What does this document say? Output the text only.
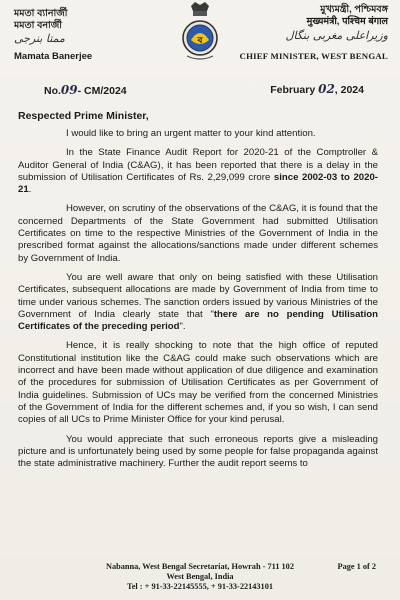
মমতা ব্যানার্জী
মমতা বনার্জী
ممتا بنرجی
Mamata Banerjee
ব
মুখ্যমন্ত্রী, পশ্চিমবঙ্গ
मुख्यमंत्री, पश्चिम बंगाल
وزیراعلی مغربی بنگال
CHIEF MINISTER, WEST BENGAL
No.09- CM/2024	February 02, 2024
Respected Prime Minister,

I would like to bring an urgent matter to your kind attention.

In the State Finance Audit Report for 2020-21 of the Comptroller & Auditor General of India (C&AG), it has been reported that there is a delay in the submission of Utilisation Certificates of Rs. 2,29,099 crore since 2002-03 to 2020-21.

However, on scrutiny of the observations of the C&AG, it is found that the concerned Departments of the State Government had submitted Utilisation Certificates on time to the respective Ministries of the Government of India in the prescribed format against the allocations/sanctions made under different schemes by Government of India.

You are well aware that only on being satisfied with these Utilisation Certificates, subsequent allocations are made by Government of India from time to time under various schemes. The sanction orders issued by various Ministries of the Government of India clearly state that "there are no pending Utilisation Certificates of the preceding period".

Hence, it is really shocking to note that the high office of reputed Constitutional institution like the C&AG could make such observations which are incorrect and have been made without application of due diligence and examination of the procedures for submission of Utilisation Certificates as per Government of India guidelines. Submission of UCs may be verified from the concerned Ministries of the Government of India for the different schemes and, if you so wish, I can send copies of all UCs to Prime Minister Office for your kind perusal.

You would appreciate that such erroneous reports give a misleading picture and is unfortunately being used by some people for false propaganda against the state administrative machinery. Further the audit report seems to

Nabanna, West Bengal Secretariat, Howrah - 711 102
West Bengal, India
Tel : + 91-33-22145555, + 91-33-22143101
Page 1 of 2
